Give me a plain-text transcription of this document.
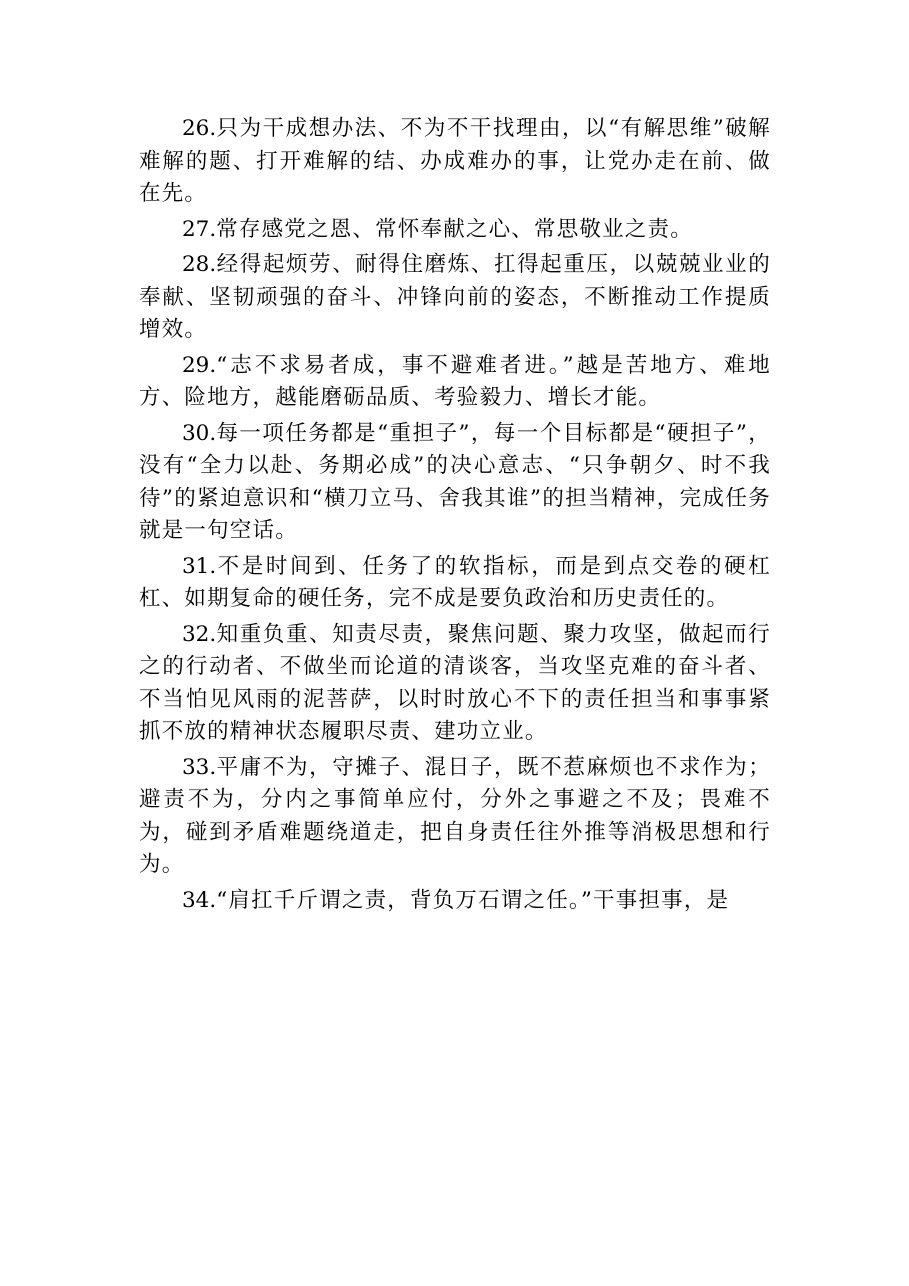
26.只为干成想办法、不为不干找理由，以“有解思维”破解难解的题、打开难解的结、办成难办的事，让党办走在前、做在先。

27.常存感党之恩、常怀奉献之心、常思敬业之责。

28.经得起烦劳、耐得住磨炼、扛得起重压，以兢兢业业的奉献、坚韧顽强的奋斗、冲锋向前的姿态，不断推动工作提质增效。

29.“志不求易者成，事不避难者进。”越是苦地方、难地方、险地方，越能磨砺品质、考验毅力、增长才能。

30.每一项任务都是“重担子”，每一个目标都是“硬担子”，没有“全力以赴、务期必成”的决心意志、“只争朝夕、时不我待”的紧迫意识和“横刀立马、舍我其谁”的担当精神，完成任务就是一句空话。

31.不是时间到、任务了的软指标，而是到点交卷的硬杠杠、如期复命的硬任务，完不成是要负政治和历史责任的。

32.知重负重、知责尽责，聚焦问题、聚力攻坚，做起而行之的行动者、不做坐而论道的清谈客，当攻坚克难的奋斗者、不当怕见风雨的泥菩萨，以时时放心不下的责任担当和事事紧抓不放的精神状态履职尽责、建功立业。

33.平庸不为，守摊子、混日子，既不惹麻烦也不求作为；避责不为，分内之事简单应付，分外之事避之不及；畏难不为，碰到矛盾难题绕道走，把自身责任往外推等消极思想和行为。

34.“肩扛千斤谓之责，背负万石谓之任。”干事担事，是
